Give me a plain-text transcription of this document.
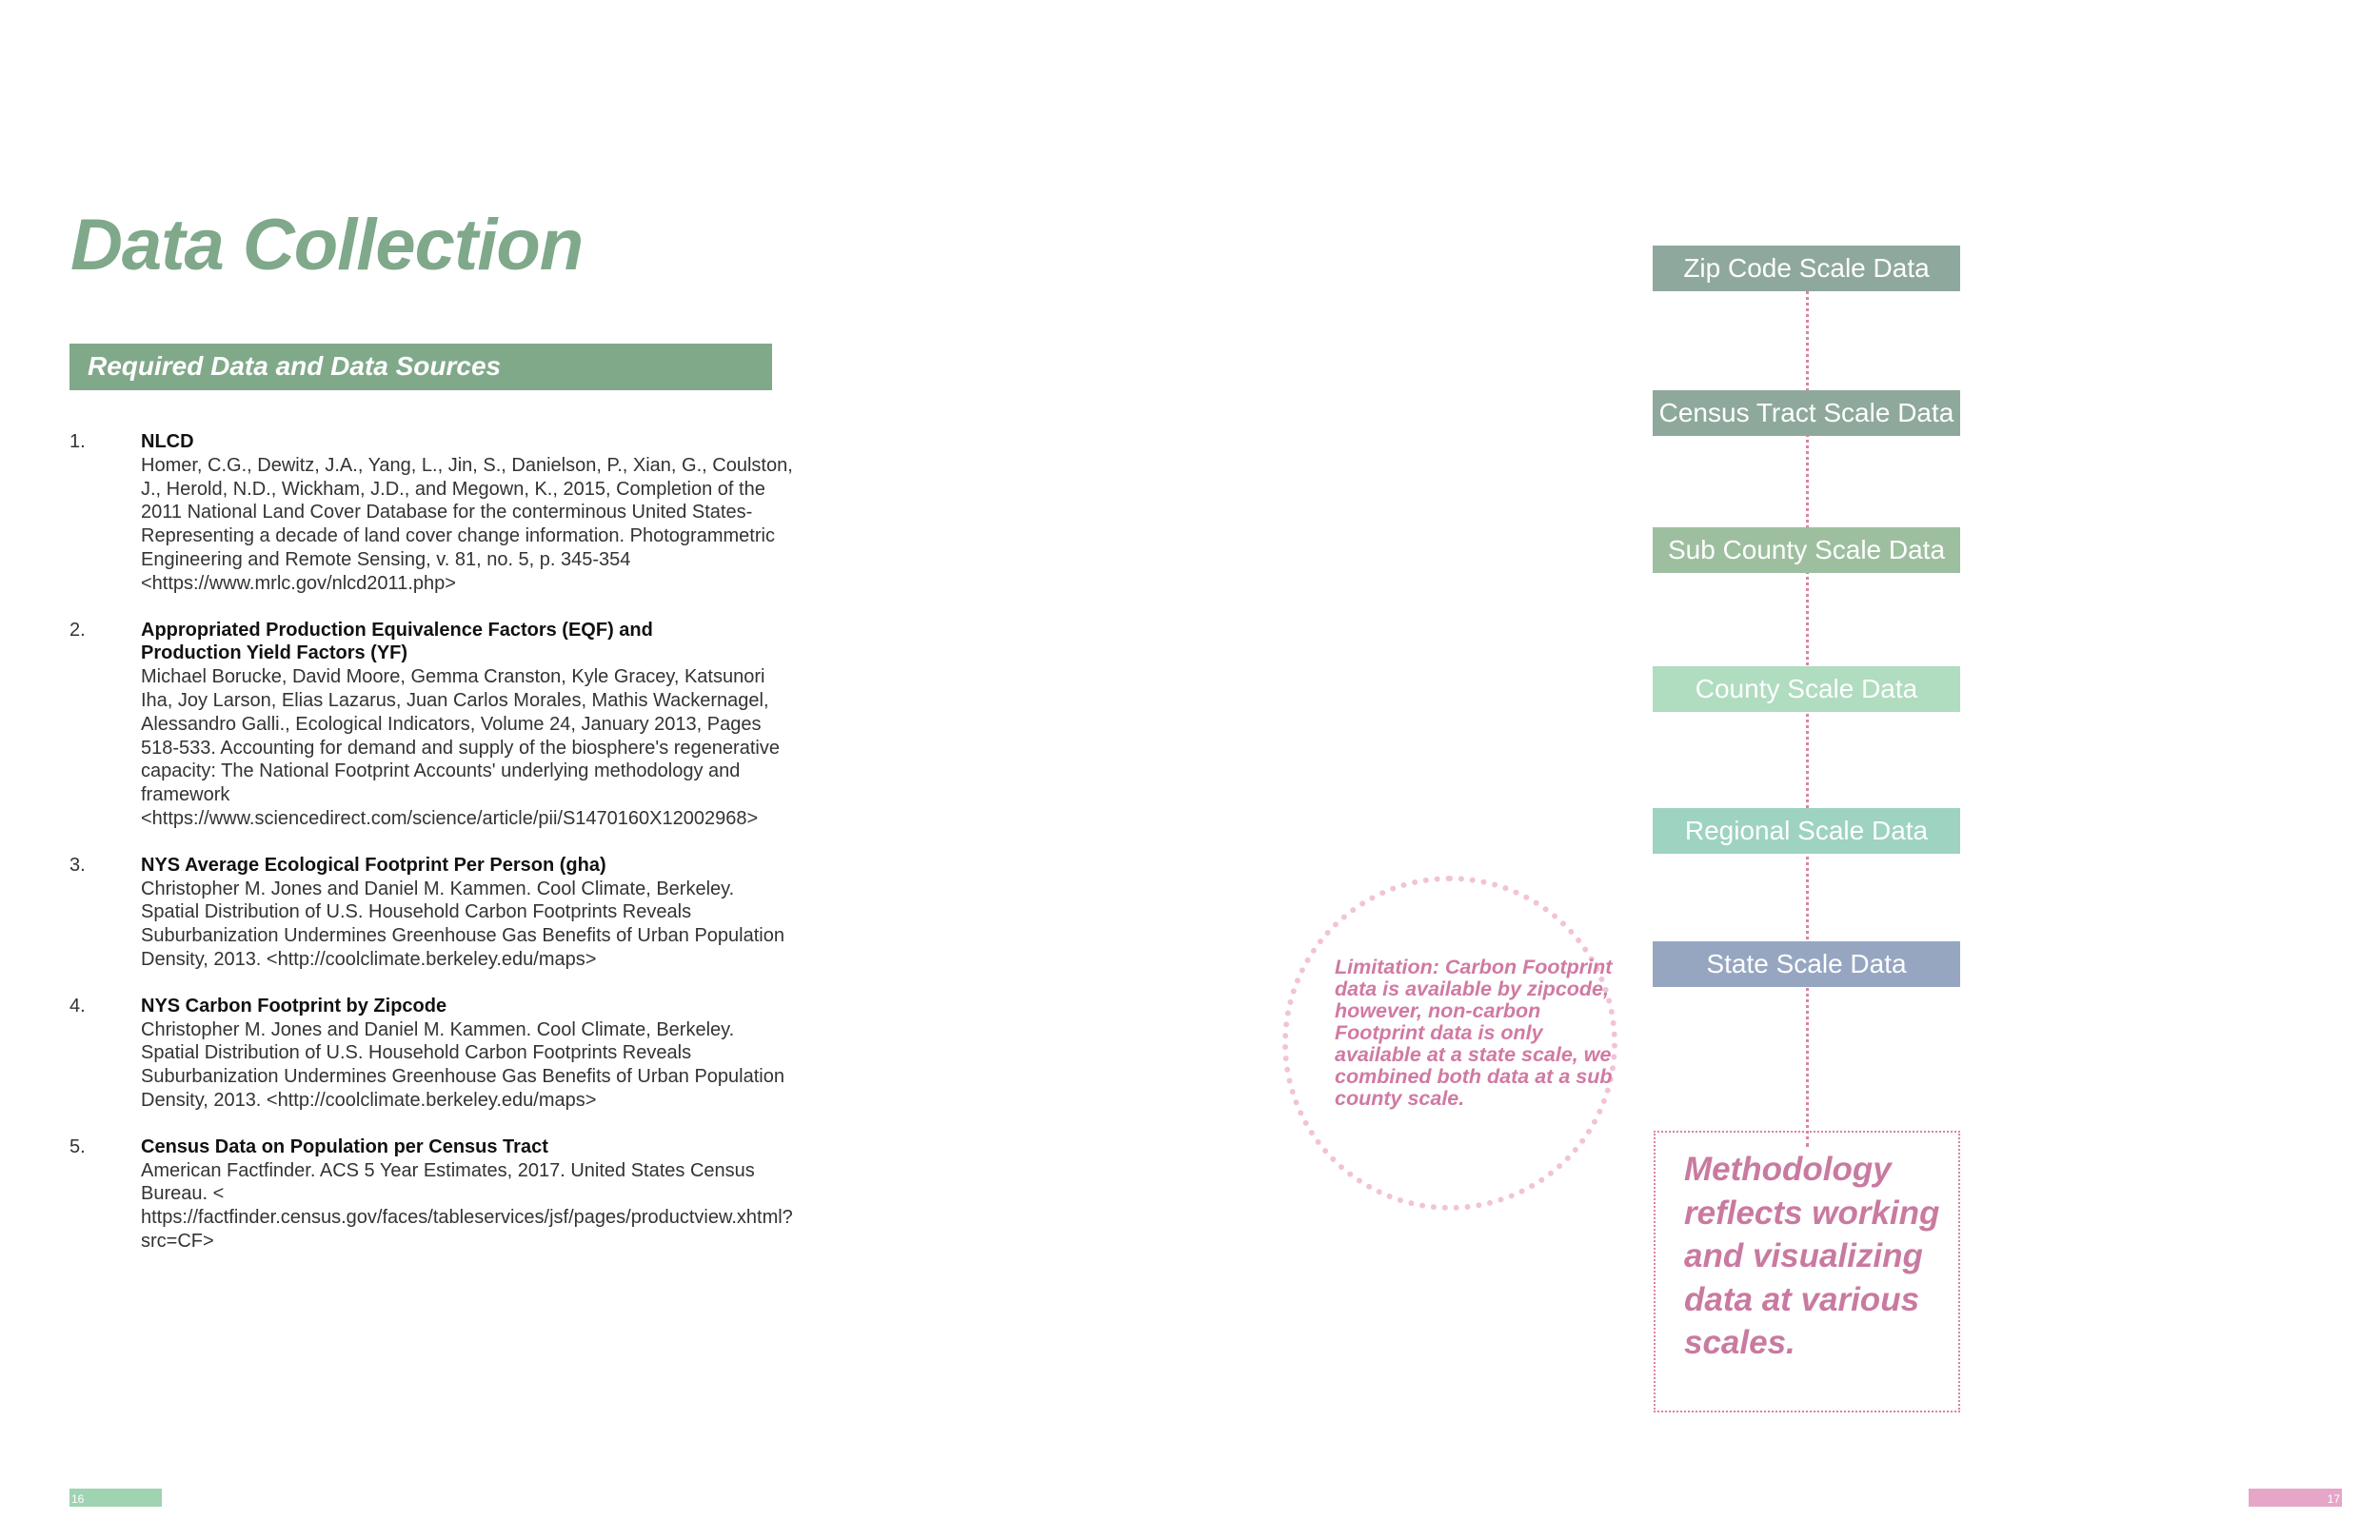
Data Collection
Required Data and Data Sources
1.	NLCD
Homer, C.G., Dewitz, J.A., Yang, L., Jin, S., Danielson, P., Xian, G., Coulston, J., Herold, N.D., Wickham, J.D., and Megown, K., 2015, Completion of the 2011 National Land Cover Database for the conterminous United States-Representing a decade of land cover change information. Photogrammetric Engineering and Remote Sensing, v. 81, no. 5, p. 345-354 <https://www.mrlc.gov/nlcd2011.php>
2.	Appropriated Production Equivalence Factors (EQF) and Production Yield Factors (YF)
Michael Borucke, David Moore, Gemma Cranston, Kyle Gracey, Katsunori Iha, Joy Larson, Elias Lazarus, Juan Carlos Morales, Mathis Wackernagel, Alessandro Galli., Ecological Indicators, Volume 24, January 2013, Pages 518-533. Accounting for demand and supply of the biosphere's regenerative capacity: The National Footprint Accounts' underlying methodology and framework <https://www.sciencedirect.com/science/article/pii/S1470160X12002968>
3.	NYS Average Ecological Footprint Per Person (gha)
Christopher M. Jones and Daniel M. Kammen. Cool Climate, Berkeley. Spatial Distribution of U.S. Household Carbon Footprints Reveals Suburbanization Undermines Greenhouse Gas Benefits of Urban Population Density, 2013. <http://coolclimate.berkeley.edu/maps>
4.	NYS Carbon Footprint by Zipcode
Christopher M. Jones and Daniel M. Kammen. Cool Climate, Berkeley. Spatial Distribution of U.S. Household Carbon Footprints Reveals Suburbanization Undermines Greenhouse Gas Benefits of Urban Population Density, 2013. <http://coolclimate.berkeley.edu/maps>
5.	Census Data on Population per Census Tract
American Factfinder. ACS 5 Year Estimates, 2017. United States Census Bureau. < https://factfinder.census.gov/faces/tableservices/jsf/pages/productview.xhtml?src=CF>
Zip Code Scale Data
Census Tract Scale Data
Sub County Scale Data
County Scale Data
Regional Scale Data
State Scale Data
Limitation: Carbon Footprint data is available by zipcode, however, non-carbon Footprint data is only available at a state scale, we combined both data at a sub county scale.
Methodology reflects working and visualizing data at various scales.
16	17
